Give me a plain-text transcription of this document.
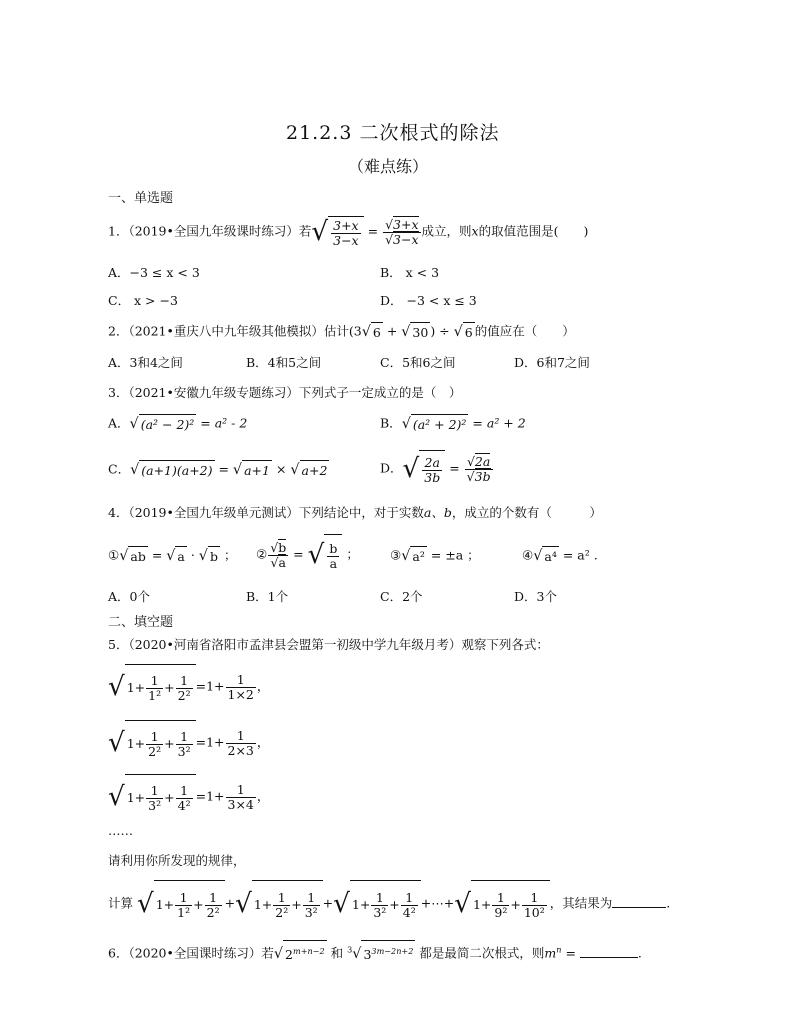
21.2.3 二次根式的除法
（难点练）
一、单选题
1．（2019•全国九年级课时练习）若√ $\frac{3+x}{3-x} = \frac{√3+x}{√3-x}$ 成立，则x的取值范围是(　　)
A．−3 ≤ x < 3	B． x < 3
C． x > −3	D． −3 < x ≤ 3
2．（2021•重庆八中九年级其他模拟）估计(3√ 6 + √ 30 ) ÷ √ 6 的值应在（　　）
A．3和4之间	B．4和5之间	C．5和6之间	D．6和7之间
3．（2021•安徽九年级专题练习）下列式子一定成立的是（　）
A．√ (a² − 2)² = a² - 2	B．√ (a² + 2)² = a² + 2
C．√ (a+1)(a+2) = √ a+1 × √ a+2	D．√ $\frac{2a}{3b} = \frac{√2a}{√3b}$
4．（2019•全国九年级单元测试）下列结论中，对于实数a、b，成立的个数有（　　　）
①√ ab = √ a · √ b ； ② $\frac{√b}{√a}$ = √ $\frac{b}{a}$ ； ③√ a² = ±a ；	④√ a⁴ = a² .
A．0个	B．1个	C．2个	D．3个
二、填空题
5．（2020•河南省洛阳市孟津县会盟第一初级中学九年级月考）观察下列各式：
√ $1+ \frac{1}{\text{1²}} + \frac{1}{\text{2²}} =1+ \frac{1}{1\times 2}$ ，
√ $1+ \frac{1}{\text{2²}} + \frac{1}{\text{3²}} =1+ \frac{1}{2\times 3}$ ，
√ $1+ \frac{1}{\text{3²}} + \frac{1}{\text{4²}} =1+ \frac{1}{3\times 4}$ ，
……
请利用你所发现的规律，
计算 √ $1+ \frac{1}{\text{1²}} + \frac{1}{\text{2²}}$ +√ $1+ \frac{1}{\text{2²}} + \frac{1}{\text{3²}}$ +√ $1+ \frac{1}{\text{3²}} + \frac{1}{\text{4²}}$ +⋯+√ $1+ \frac{1}{\text{9²}} + \frac{1}{\text{10²}}$ ，其结果为	.
6．（2020•全国课时练习）若√ $2^{m+n-2}$ 和 $^3$√ $3^{3m-2n+2}$ 都是最简二次根式，则$m^n$ =	.
